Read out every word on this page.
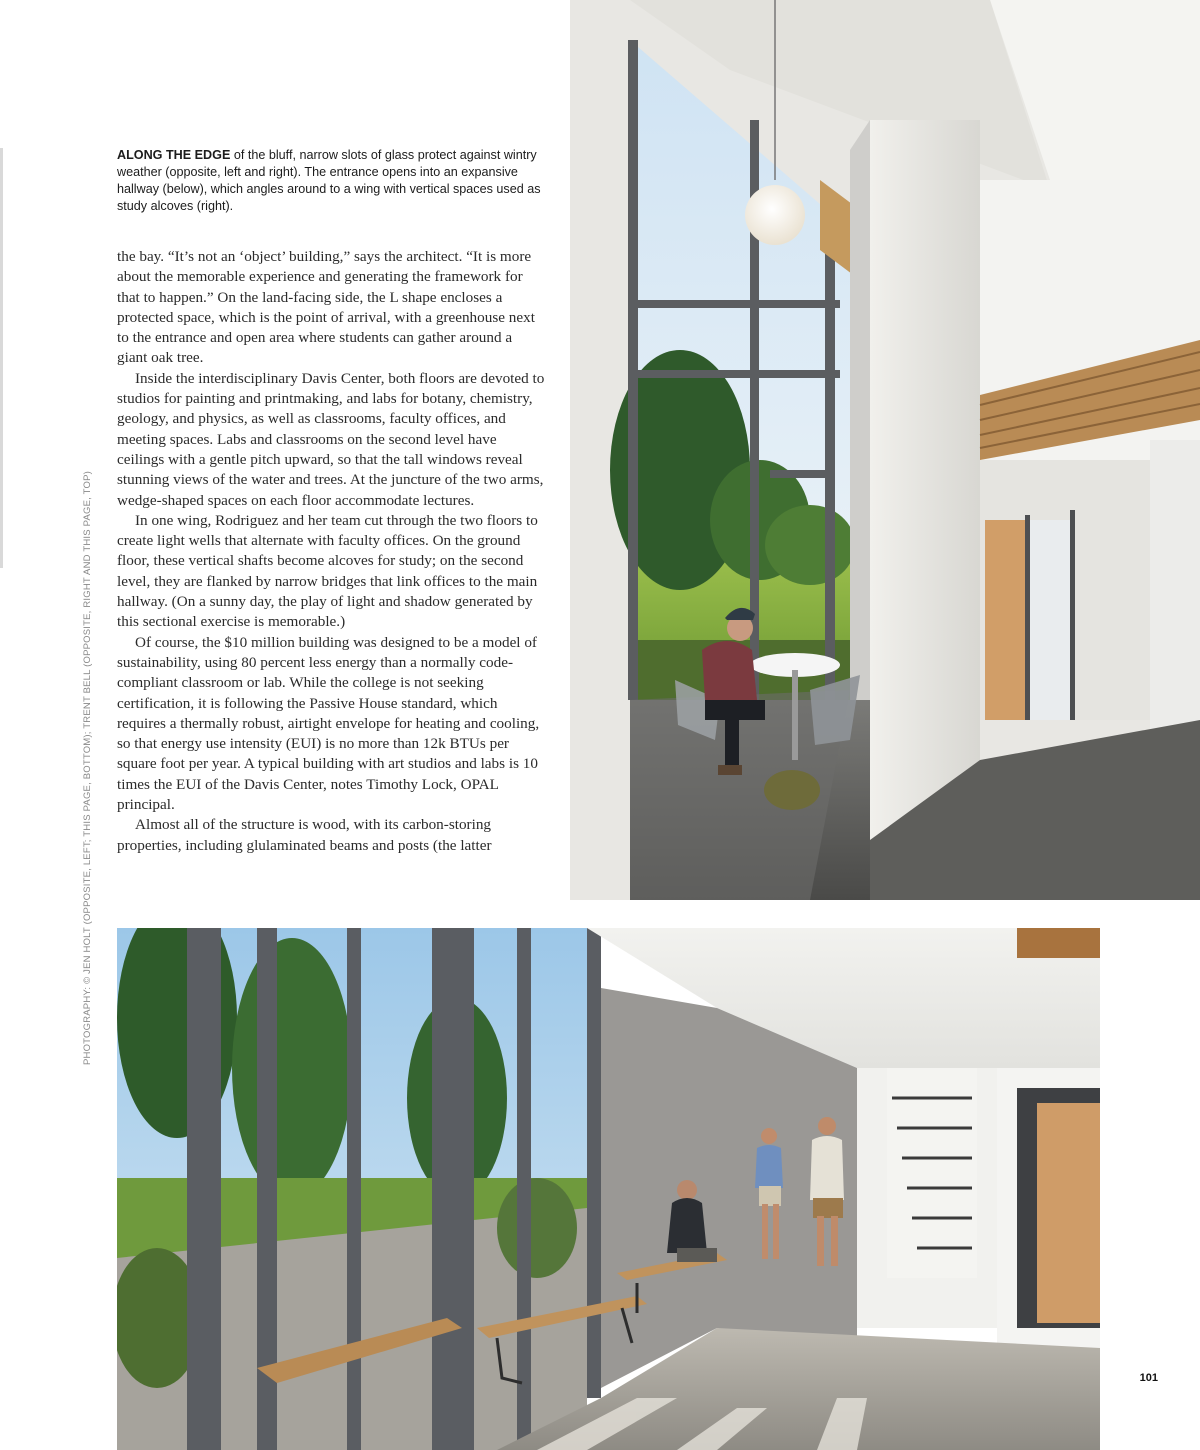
PHOTOGRAPHY: © JEN HOLT (OPPOSITE, LEFT; THIS PAGE, BOTTOM); TRENT BELL (OPPOSITE, RIGHT AND THIS PAGE, TOP)
ALONG THE EDGE of the bluff, narrow slots of glass protect against wintry weather (opposite, left and right). The entrance opens into an expansive hallway (below), which angles around to a wing with vertical spaces used as study alcoves (right).

the bay. “It’s not an ‘object’ building,” says the architect. “It is more about the memorable experience and generating the framework for that to happen.” On the land-facing side, the L shape encloses a protected space, which is the point of arrival, with a greenhouse next to the entrance and open area where students can gather around a giant oak tree.

Inside the interdisciplinary Davis Center, both floors are devoted to studios for painting and printmaking, and labs for botany, chemistry, geology, and physics, as well as classrooms, faculty offices, and meeting spaces. Labs and classrooms on the second level have ceilings with a gentle pitch upward, so that the tall windows reveal stunning views of the water and trees. At the juncture of the two arms, wedge-shaped spaces on each floor accommodate lectures.

In one wing, Rodriguez and her team cut through the two floors to create light wells that alternate with faculty offices. On the ground floor, these vertical shafts become alcoves for study; on the second level, they are flanked by narrow bridges that link offices to the main hallway. (On a sunny day, the play of light and shadow generated by this sectional exercise is memorable.)

Of course, the $10 million building was designed to be a model of sustainability, using 80 percent less energy than a normally code-compliant classroom or lab. While the college is not seeking certification, it is following the Passive House standard, which requires a thermally robust, airtight envelope for heating and cooling, so that energy use intensity (EUI) is no more than 12k BTUs per square foot per year. A typical building with art studios and labs is 10 times the EUI of the Davis Center, notes Timothy Lock, OPAL principal.

Almost all of the structure is wood, with its carbon-storing properties, including glulaminated beams and posts (the latter

101
